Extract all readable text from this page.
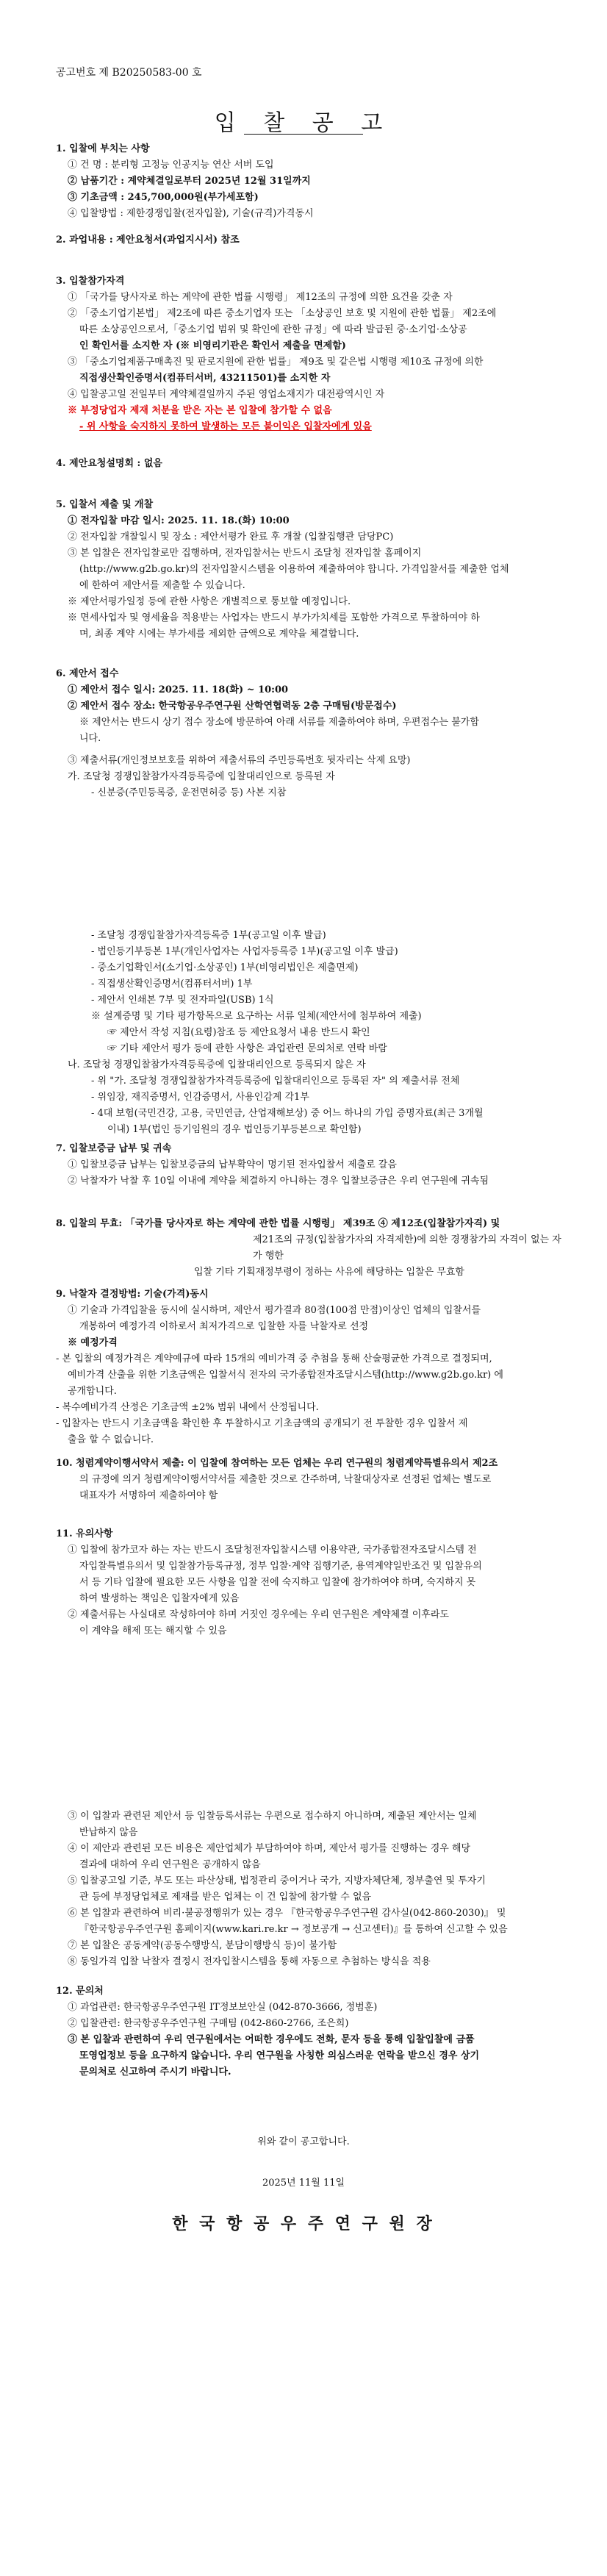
공고번호 제 B20250583-00 호
입 찰 공 고
1. 입찰에 부치는 사항
① 건 명 : 분리형 고정능 인공지능 연산 서버 도입
② 납품기간 : 계약체결일로부터 2025년 12월 31일까지
③ 기초금액 : 245,700,000원(부가세포함)
④ 입찰방법 : 제한경쟁입찰(전자입찰), 기술(규격)가격동시
2. 과업내용 : 제안요청서(과업지시서) 참조
3. 입찰참가자격
① 「국가를 당사자로 하는 계약에 관한 법률 시행령」 제12조의 규정에 의한 요건을 갖춘 자
② 「중소기업기본법」 제2조에 따른 중소기업자 또는 「소상공인 보호 및 지원에 관한 법률」 제2조에
따른 소상공인으로서,「중소기업 범위 및 확인에 관한 규정」에 따라 발급된 중·소기업·소상공
인 확인서를 소지한 자 (※ 비영리기관은 확인서 제출을 면제함)
③ 「중소기업제품구매촉진 및 판로지원에 관한 법률」 제9조 및 같은법 시행령 제10조 규정에 의한
직접생산확인증명서(컴퓨터서버, 43211501)를 소지한 자
④ 입찰공고일 전일부터 계약체결일까지 주된 영업소재지가 대전광역시인 자
※ 부정당업자 제재 처분을 받은 자는 본 입찰에 참가할 수 없음
- 위 사항을 숙지하지 못하여 발생하는 모든 불이익은 입찰자에게 있음
4. 제안요청설명회 : 없음
5. 입찰서 제출 및 개찰
① 전자입찰 마감 일시: 2025. 11. 18.(화) 10:00
② 전자입찰 개찰일시 및 장소 : 제안서평가 완료 후 개찰 (입찰집행관 담당PC)
③ 본 입찰은 전자입찰로만 집행하며, 전자입찰서는 반드시 조달청 전자입찰 홈페이지
(http://www.g2b.go.kr)의 전자입찰시스템을 이용하여 제출하여야 합니다. 가격입찰서를 제출한 업체
에 한하여 제안서를 제출할 수 있습니다.
※ 제안서평가일정 등에 관한 사항은 개별적으로 통보할 예정입니다.
※ 면세사업자 및 영세율을 적용받는 사업자는 반드시 부가가치세를 포함한 가격으로 투찰하여야 하
며, 최종 계약 시에는 부가세를 제외한 금액으로 계약을 체결합니다.
6. 제안서 접수
① 제안서 접수 일시: 2025. 11. 18(화) ~ 10:00
② 제안서 접수 장소: 한국항공우주연구원 산학연협력동 2층 구매팀(방문접수)
※ 제안서는 반드시 상기 접수 장소에 방문하여 아래 서류를 제출하여야 하며, 우편접수는 불가합
니다.
③ 제출서류(개인정보보호를 위하여 제출서류의 주민등록번호 뒷자리는 삭제 요망)
가. 조달청 경쟁입찰참가자격등록증에 입찰대리인으로 등록된 자
- 신분증(주민등록증, 운전면허증 등) 사본 지참
- 조달청 경쟁입찰참가자격등록증 1부(공고일 이후 발급)
- 법인등기부등본 1부(개인사업자는 사업자등록증 1부)(공고일 이후 발급)
- 중소기업확인서(소기업·소상공인) 1부(비영리법인은 제출면제)
- 직접생산확인증명서(컴퓨터서버) 1부
- 제안서 인쇄본 7부 및 전자파일(USB) 1식
※ 설계증명 및 기타 평가항목으로 요구하는 서류 일체(제안서에 첨부하여 제출)
☞ 제안서 작성 지침(요령)참조 등 제안요청서 내용 반드시 확인
☞ 기타 제안서 평가 등에 관한 사항은 과업관련 문의처로 연락 바람
나. 조달청 경쟁입찰참가자격등록증에 입찰대리인으로 등록되지 않은 자
- 위 "가. 조달청 경쟁입찰참가자격등록증에 입찰대리인으로 등록된 자" 의 제출서류 전체
- 위임장, 재직증명서, 인감증명서, 사용인감계 각1부
- 4대 보험(국민건강, 고용, 국민연금, 산업재해보상) 중 어느 하나의 가입 증명자료(최근 3개월
이내) 1부(법인 등기임원의 경우 법인등기부등본으로 확인함)
7. 입찰보증금 납부 및 귀속
① 입찰보증금 납부는 입찰보증금의 납부확약이 명기된 전자입찰서 제출로 갈음
② 낙찰자가 낙찰 후 10일 이내에 계약을 체결하지 아니하는 경우 입찰보증금은 우리 연구원에 귀속됨
8. 입찰의 무효: 「국가를 당사자로 하는 계약에 관한 법률 시행령」 제39조 ④ 제12조(입찰참가자격) 및
제21조의 규정(입찰참가자의 자격제한)에 의한 경쟁참가의 자격이 없는 자가 행한
입찰 기타 기획재정부령이 정하는 사유에 해당하는 입찰은 무효함
9. 낙찰자 결정방법: 기술(가격)동시
① 기술과 가격입찰을 동시에 실시하며, 제안서 평가결과 80점(100점 만점)이상인 업체의 입찰서를
개봉하여 예정가격 이하로서 최저가격으로 입찰한 자를 낙찰자로 선정
※ 예정가격
- 본 입찰의 예정가격은 계약예규에 따라 15개의 예비가격 중 추첨을 통해 산술평균한 가격으로 결정되며,
예비가격 산출을 위한 기초금액은 입찰서식 전자의 국가종합전자조달시스템(http://www.g2b.go.kr) 에
공개합니다.
- 복수예비가격 산정은 기초금액 ±2% 범위 내에서 산정됩니다.
- 입찰자는 반드시 기초금액을 확인한 후 투찰하시고 기초금액의 공개되기 전 투찰한 경우 입찰서 제
출을 할 수 없습니다.
10. 청렴계약이행서약서 제출: 이 입찰에 참여하는 모든 업체는 우리 연구원의 청렴계약특별유의서 제2조
의 규정에 의거 청렴계약이행서약서를 제출한 것으로 간주하며, 낙찰대상자로 선정된 업체는 별도로
대표자가 서명하여 제출하여야 함
11. 유의사항
① 입찰에 참가코자 하는 자는 반드시 조달청전자입찰시스템 이용약관, 국가종합전자조달시스템 전
자입찰특별유의서 및 입찰참가등록규정, 정부 입찰·계약 집행기준, 용역계약일반조건 및 입찰유의
서 등 기타 입찰에 필요한 모든 사항을 입찰 전에 숙지하고 입찰에 참가하여야 하며, 숙지하지 못
하여 발생하는 책임은 입찰자에게 있음
② 제출서류는 사실대로 작성하여야 하며 거짓인 경우에는 우리 연구원은 계약체결 이후라도
이 계약을 해제 또는 해지할 수 있음
③ 이 입찰과 관련된 제안서 등 입찰등록서류는 우편으로 접수하지 아니하며, 제출된 제안서는 일체
반납하지 않음
④ 이 제안과 관련된 모든 비용은 제안업체가 부담하여야 하며, 제안서 평가를 진행하는 경우 해당
결과에 대하여 우리 연구원은 공개하지 않음
⑤ 입찰공고일 기준, 부도 또는 파산상태, 법정관리 중이거나 국가, 지방자체단체, 정부출연 및 투자기
관 등에 부정당업체로 제재를 받은 업체는 이 건 입찰에 참가할 수 없음
⑥ 본 입찰과 관련하여 비리·불공정행위가 있는 경우 『한국항공우주연구원 감사실(042-860-2030)』 및
『한국항공우주연구원 홈페이지(www.kari.re.kr → 정보공개 → 신고센터)』를 통하여 신고할 수 있음
⑦ 본 입찰은 공동계약(공동수행방식, 분담이행방식 등)이 불가함
⑧ 동일가격 입찰 낙찰자 결정시 전자입찰시스템을 통해 자동으로 추첨하는 방식을 적용
12. 문의처
① 과업관련: 한국항공우주연구원 IT정보보안실 (042-870-3666, 정범훈)
② 입찰관련: 한국항공우주연구원 구매팀 (042-860-2766, 조은희)
③ 본 입찰과 관련하여 우리 연구원에서는 어떠한 경우에도 전화, 문자 등을 통해 입찰입찰에 금품
또영업정보 등을 요구하지 않습니다. 우리 연구원을 사칭한 의심스러운 연락을 받으신 경우 상기
문의처로 신고하여 주시기 바랍니다.
위와 같이 공고합니다.
2025년 11월 11일
한 국 항 공 우 주 연 구 원 장
